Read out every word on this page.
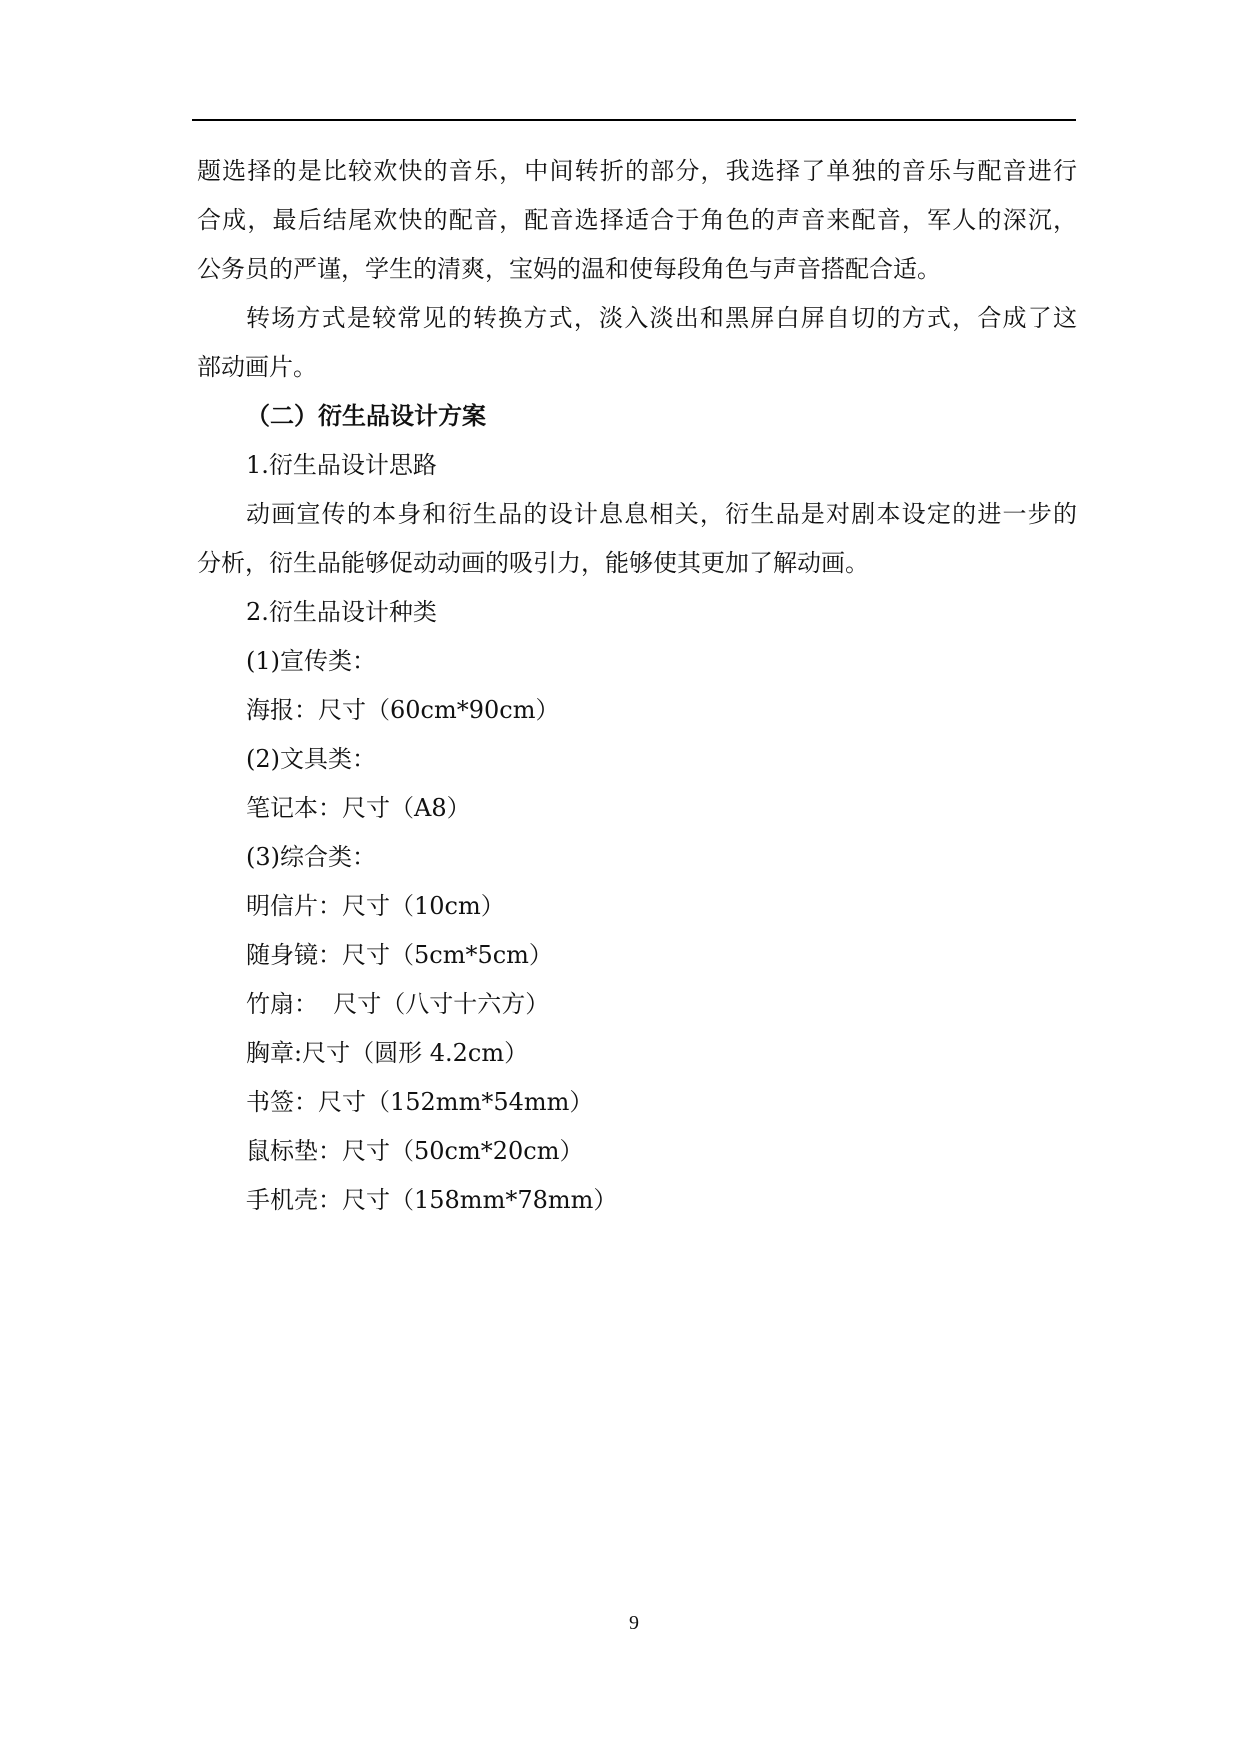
题选择的是比较欢快的音乐，中间转折的部分，我选择了单独的音乐与配音进行
合成，最后结尾欢快的配音，配音选择适合于角色的声音来配音，军人的深沉，
公务员的严谨，学生的清爽，宝妈的温和使每段角色与声音搭配合适。
转场方式是较常见的转换方式，淡入淡出和黑屏白屏自切的方式，合成了这
部动画片。
（二）衍生品设计方案
1.衍生品设计思路
动画宣传的本身和衍生品的设计息息相关，衍生品是对剧本设定的进一步的
分析，衍生品能够促动动画的吸引力，能够使其更加了解动画。
2.衍生品设计种类
(1)宣传类：
海报：尺寸（60cm*90cm）
(2)文具类：
笔记本：尺寸（A8）
(3)综合类：
明信片：尺寸（10cm）
随身镜：尺寸（5cm*5cm）
竹扇：  尺寸（八寸十六方）
胸章:尺寸（圆形 4.2cm）
书签：尺寸（152mm*54mm）
鼠标垫：尺寸（50cm*20cm）
手机壳：尺寸（158mm*78mm）
9
